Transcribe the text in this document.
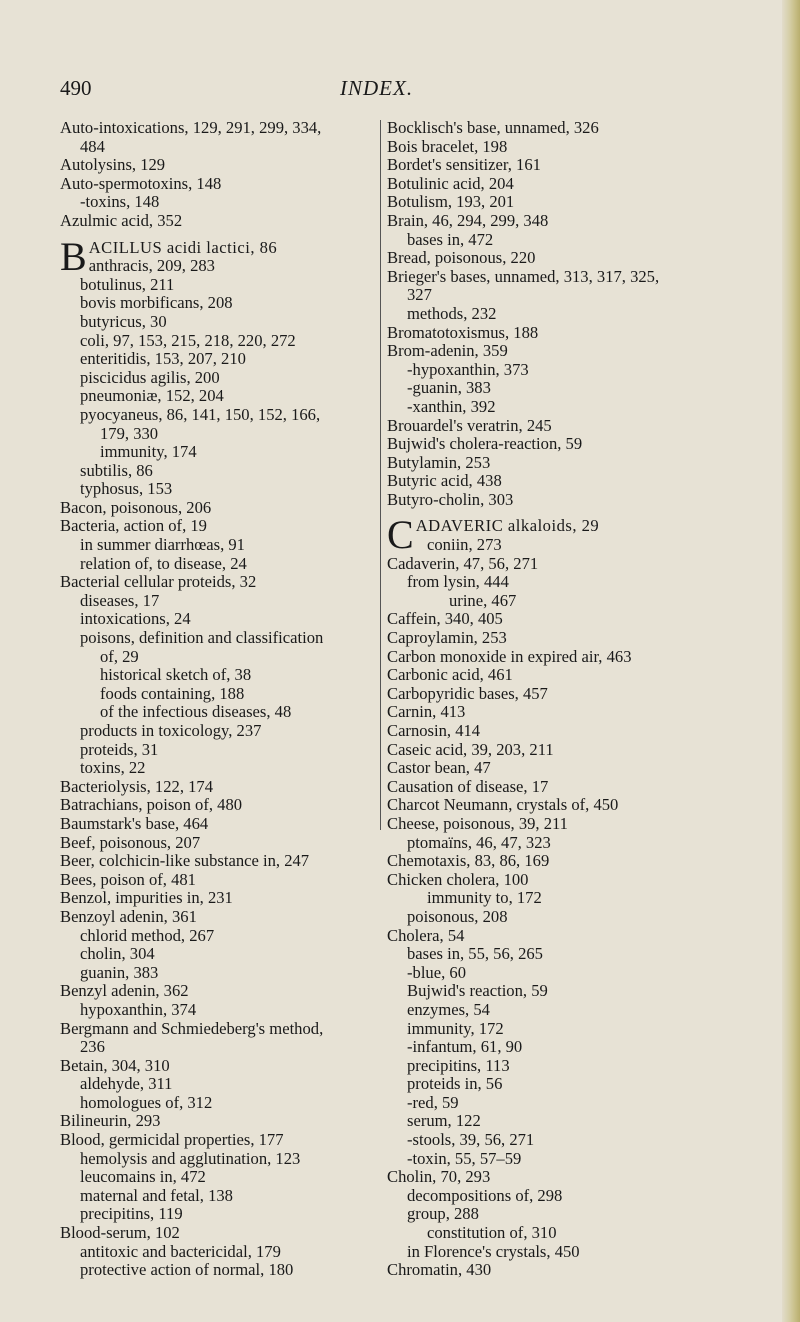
490	INDEX.
Auto-intoxications, 129, 291, 299, 334,
484
Autolysins, 129
Auto-spermotoxins, 148
-toxins, 148
Azulmic acid, 352
BACILLUS acidi lactici, 86
anthracis, 209, 283
botulinus, 211
bovis morbificans, 208
butyricus, 30
coli, 97, 153, 215, 218, 220, 272
enteritidis, 153, 207, 210
piscicidus agilis, 200
pneumoniæ, 152, 204
pyocyaneus, 86, 141, 150, 152, 166,
179, 330
immunity, 174
subtilis, 86
typhosus, 153
Bacon, poisonous, 206
Bacteria, action of, 19
in summer diarrhœas, 91
relation of, to disease, 24
Bacterial cellular proteids, 32
diseases, 17
intoxications, 24
poisons, definition and classification
of, 29
historical sketch of, 38
foods containing, 188
of the infectious diseases, 48
products in toxicology, 237
proteids, 31
toxins, 22
Bacteriolysis, 122, 174
Batrachians, poison of, 480
Baumstark's base, 464
Beef, poisonous, 207
Beer, colchicin-like substance in, 247
Bees, poison of, 481
Benzol, impurities in, 231
Benzoyl adenin, 361
chlorid method, 267
cholin, 304
guanin, 383
Benzyl adenin, 362
hypoxanthin, 374
Bergmann and Schmiedeberg's method,
236
Betain, 304, 310
aldehyde, 311
homologues of, 312
Bilineurin, 293
Blood, germicidal properties, 177
hemolysis and agglutination, 123
leucomains in, 472
maternal and fetal, 138
precipitins, 119
Blood-serum, 102
antitoxic and bactericidal, 179
protective action of normal, 180
Bocklisch's base, unnamed, 326
Bois bracelet, 198
Bordet's sensitizer, 161
Botulinic acid, 204
Botulism, 193, 201
Brain, 46, 294, 299, 348
bases in, 472
Bread, poisonous, 220
Brieger's bases, unnamed, 313, 317, 325,
327
methods, 232
Bromatotoxismus, 188
Brom-adenin, 359
-hypoxanthin, 373
-guanin, 383
-xanthin, 392
Brouardel's veratrin, 245
Bujwid's cholera-reaction, 59
Butylamin, 253
Butyric acid, 438
Butyro-cholin, 303
CADAVERIC alkaloids, 29
coniin, 273
Cadaverin, 47, 56, 271
from lysin, 444
urine, 467
Caffein, 340, 405
Caproylamin, 253
Carbon monoxide in expired air, 463
Carbonic acid, 461
Carbopyridic bases, 457
Carnin, 413
Carnosin, 414
Caseic acid, 39, 203, 211
Castor bean, 47
Causation of disease, 17
Charcot Neumann, crystals of, 450
Cheese, poisonous, 39, 211
ptomaïns, 46, 47, 323
Chemotaxis, 83, 86, 169
Chicken cholera, 100
immunity to, 172
poisonous, 208
Cholera, 54
bases in, 55, 56, 265
-blue, 60
Bujwid's reaction, 59
enzymes, 54
immunity, 172
-infantum, 61, 90
precipitins, 113
proteids in, 56
-red, 59
serum, 122
-stools, 39, 56, 271
-toxin, 55, 57–59
Cholin, 70, 293
decompositions of, 298
group, 288
constitution of, 310
in Florence's crystals, 450
Chromatin, 430
